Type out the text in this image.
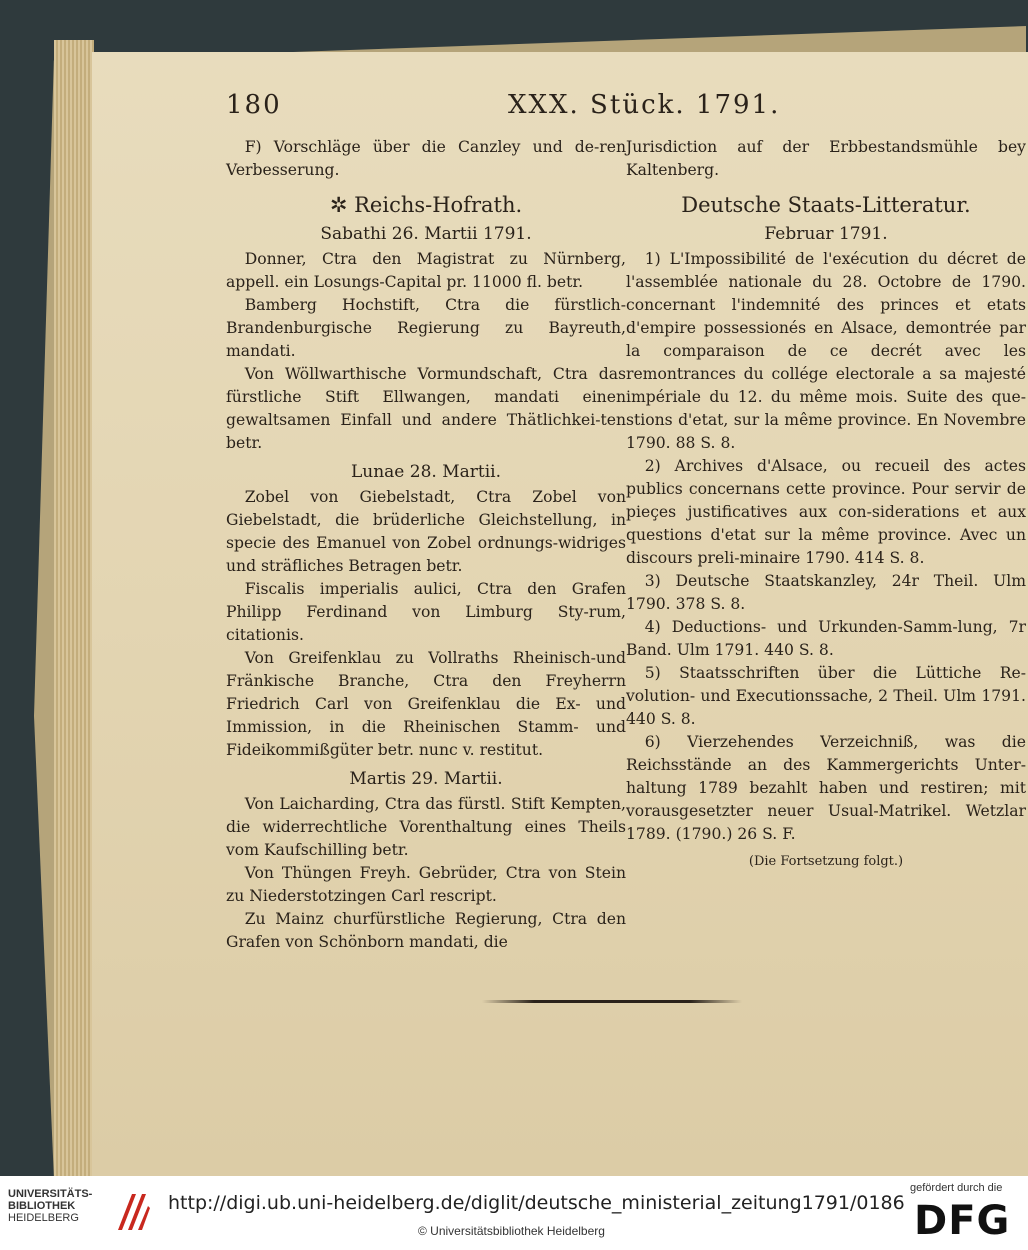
180	XXX. Stück. 1791.

F) Vorschläge über die Canzley und de-ren Verbesserung.

✲ Reichs-Hofrath.
Sabathi 26. Martii 1791.

Donner, Ctra den Magistrat zu Nürnberg, appell. ein Losungs-Capital pr. 11000 fl. betr.

Bamberg Hochstift, Ctra die fürstlich-Brandenburgische Regierung zu Bayreuth, mandati.

Von Wöllwarthische Vormundschaft, Ctra das fürstliche Stift Ellwangen, mandati einen gewaltsamen Einfall und andere Thätlichkei-ten betr.

Lunae 28. Martii.

Zobel von Giebelstadt, Ctra Zobel von Giebelstadt, die brüderliche Gleichstellung, in specie des Emanuel von Zobel ordnungs-widriges und sträfliches Betragen betr.

Fiscalis imperialis aulici, Ctra den Grafen Philipp Ferdinand von Limburg Sty-rum, citationis.

Von Greifenklau zu Vollraths Rheinisch-und Fränkische Branche, Ctra den Freyherrn Friedrich Carl von Greifenklau die Ex- und Immission, in die Rheinischen Stamm- und Fideikommißgüter betr. nunc v. restitut.

Martis 29. Martii.

Von Laicharding, Ctra das fürstl. Stift Kempten, die widerrechtliche Vorenthaltung eines Theils vom Kaufschilling betr.

Von Thüngen Freyh. Gebrüder, Ctra von Stein zu Niederstotzingen Carl rescript.

Zu Mainz churfürstliche Regierung, Ctra den Grafen von Schönborn mandati, die

Jurisdiction auf der Erbbestandsmühle bey Kaltenberg.

Deutsche Staats-Litteratur.
Februar 1791.

1) L'Impossibilité de l'exécution du décret de l'assemblée nationale du 28. Octobre de 1790. concernant l'indemnité des princes et etats d'empire possessionés en Alsace, demontrée par la comparaison de ce decrét avec les remontrances du collége electorale a sa majesté impériale du 12. du même mois. Suite des que-stions d'etat, sur la même province. En Novembre 1790. 88 S. 8.

2) Archives d'Alsace, ou recueil des actes publics concernans cette province. Pour servir de pieçes justificatives aux con-siderations et aux questions d'etat sur la même province. Avec un discours preli-minaire 1790. 414 S. 8.

3) Deutsche Staatskanzley, 24r Theil. Ulm 1790. 378 S. 8.

4) Deductions- und Urkunden-Samm-lung, 7r Band. Ulm 1791. 440 S. 8.

5) Staatsschriften über die Lüttiche Re-volution- und Executionssache, 2 Theil. Ulm 1791. 440 S. 8.

6) Vierzehendes Verzeichniß, was die Reichsstände an des Kammergerichts Unter-haltung 1789 bezahlt haben und restiren; mit vorausgesetzter neuer Usual-Matrikel. Wetzlar 1789. (1790.) 26 S. F.

(Die Fortsetzung folgt.)
UNIVERSITÄTS-
BIBLIOTHEK
HEIDELBERG
http://digi.ub.uni-heidelberg.de/diglit/deutsche_ministerial_zeitung1791/0186
© Universitätsbibliothek Heidelberg
gefördert durch die
DFG
